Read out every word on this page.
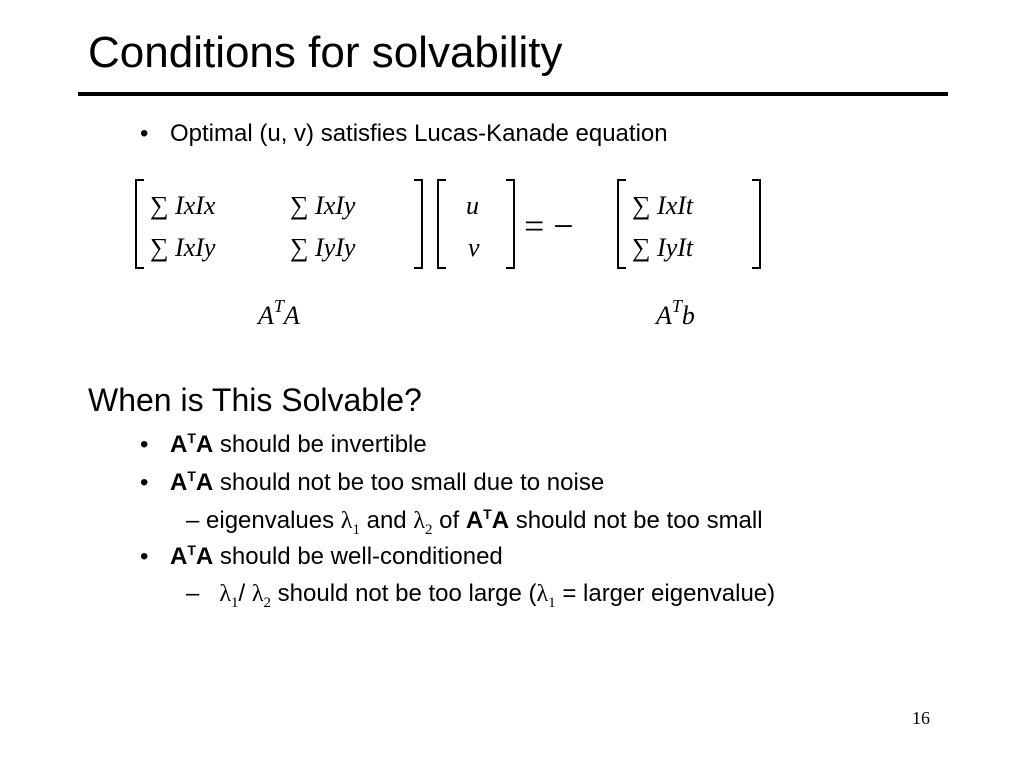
Conditions for solvability
• Optimal (u, v) satisfies Lucas-Kanade equation
∑ IxIx	∑ IxIy
∑ IxIy	∑ IyIy
u
v
∑ IxIt
∑ IyIt
$A^TA$	$A^Tb$
= −
When is This Solvable?
• $A^TA$ should be invertible
• $A^TA$ should not be too small due to noise
– eigenvalues $\lambda_1$ and $\lambda_2$ of $A^TA$ should not be too small
• $A^TA$ should be well-conditioned
– $\lambda_1/$ $\lambda_2$ should not be too large ($\lambda_1$ = larger eigenvalue)
16
